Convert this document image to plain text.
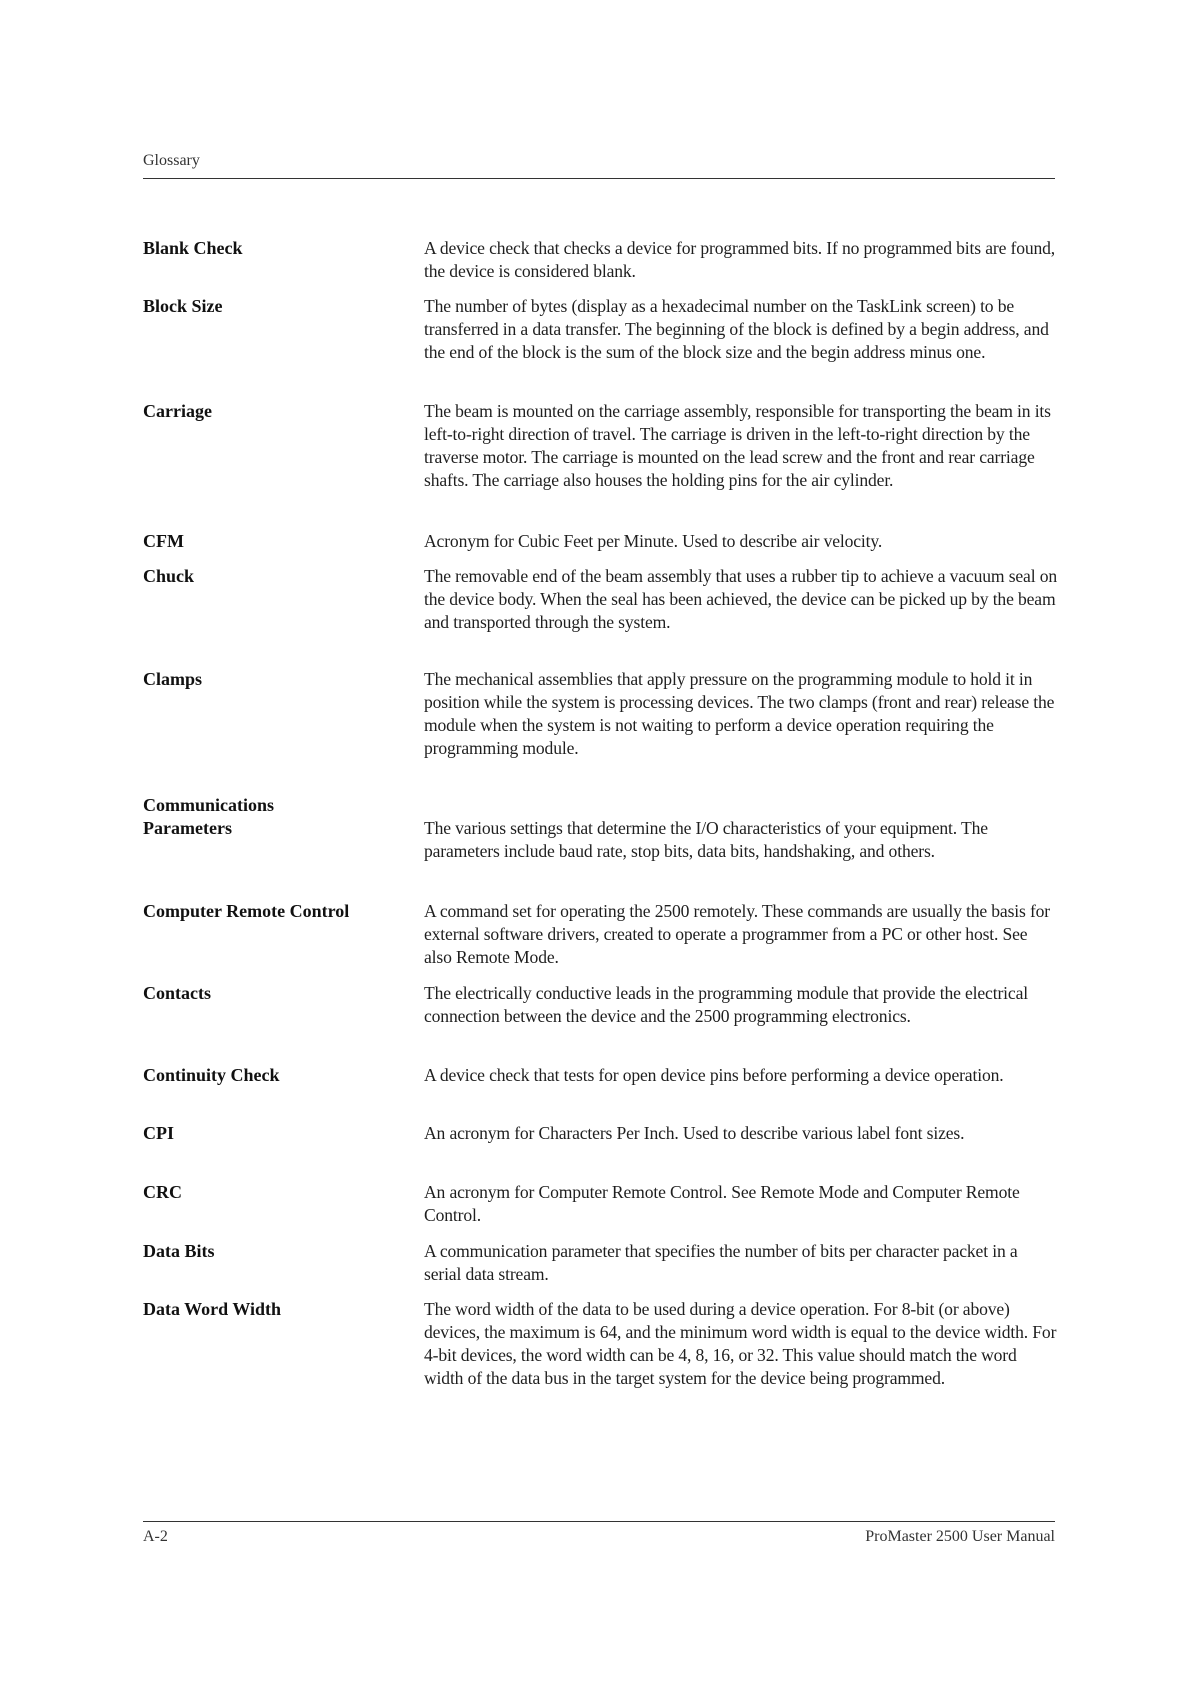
Glossary
Blank Check	A device check that checks a device for programmed bits. If no programmed bits are found, the device is considered blank.
Block Size	The number of bytes (display as a hexadecimal number on the TaskLink screen) to be transferred in a data transfer. The beginning of the block is defined by a begin address, and the end of the block is the sum of the block size and the begin address minus one.
Carriage	The beam is mounted on the carriage assembly, responsible for transporting the beam in its left-to-right direction of travel. The carriage is driven in the left-to-right direction by the traverse motor. The carriage is mounted on the lead screw and the front and rear carriage shafts. The carriage also houses the holding pins for the air cylinder.
CFM	Acronym for Cubic Feet per Minute. Used to describe air velocity.
Chuck	The removable end of the beam assembly that uses a rubber tip to achieve a vacuum seal on the device body. When the seal has been achieved, the device can be picked up by the beam and transported through the system.
Clamps	The mechanical assemblies that apply pressure on the programming module to hold it in position while the system is processing devices. The two clamps (front and rear) release the module when the system is not waiting to perform a device operation requiring the programming module.
Communications Parameters	The various settings that determine the I/O characteristics of your equipment. The parameters include baud rate, stop bits, data bits, handshaking, and others.
Computer Remote Control	A command set for operating the 2500 remotely. These commands are usually the basis for external software drivers, created to operate a programmer from a PC or other host. See also Remote Mode.
Contacts	The electrically conductive leads in the programming module that provide the electrical connection between the device and the 2500 programming electronics.
Continuity Check	A device check that tests for open device pins before performing a device operation.
CPI	An acronym for Characters Per Inch. Used to describe various label font sizes.
CRC	An acronym for Computer Remote Control. See Remote Mode and Computer Remote Control.
Data Bits	A communication parameter that specifies the number of bits per character packet in a serial data stream.
Data Word Width	The word width of the data to be used during a device operation. For 8-bit (or above) devices, the maximum is 64, and the minimum word width is equal to the device width. For 4-bit devices, the word width can be 4, 8, 16, or 32. This value should match the word width of the data bus in the target system for the device being programmed.
A-2	ProMaster 2500 User Manual
